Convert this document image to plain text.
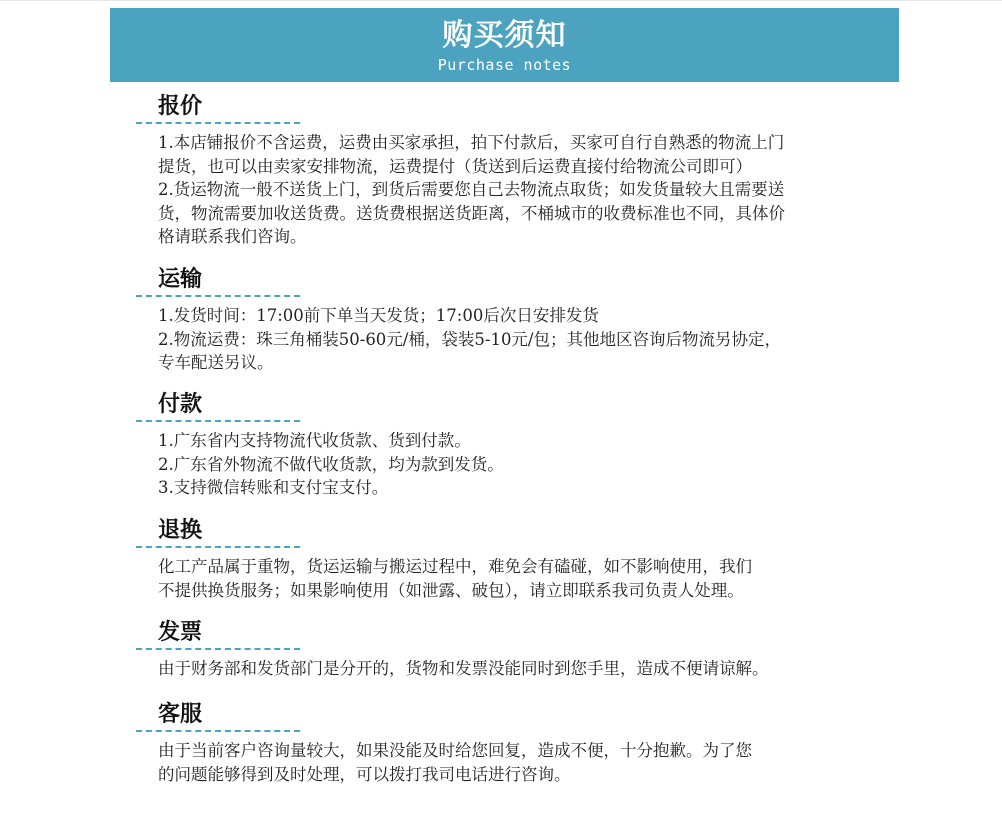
购买须知
Purchase notes
报价

1.本店铺报价不含运费，运费由买家承担，拍下付款后，买家可自行自熟悉的物流上门

提货，也可以由卖家安排物流，运费提付（货送到后运费直接付给物流公司即可）

2.货运物流一般不送货上门，到货后需要您自己去物流点取货；如发货量较大且需要送

货，物流需要加收送货费。送货费根据送货距离，不桶城市的收费标准也不同，具体价

格请联系我们咨询。

运输

1.发货时间：17:00前下单当天发货；17:00后次日安排发货

2.物流运费：珠三角桶装50-60元/桶，袋装5-10元/包；其他地区咨询后物流另协定，

专车配送另议。

付款

1.广东省内支持物流代收货款、货到付款。

2.广东省外物流不做代收货款，均为款到发货。

3.支持微信转账和支付宝支付。

退换

化工产品属于重物，货运运输与搬运过程中，难免会有磕碰，如不影响使用，我们

不提供换货服务；如果影响使用（如泄露、破包），请立即联系我司负责人处理。

发票

由于财务部和发货部门是分开的，货物和发票没能同时到您手里，造成不便请谅解。

客服

由于当前客户咨询量较大，如果没能及时给您回复，造成不便，十分抱歉。为了您

的问题能够得到及时处理，可以拨打我司电话进行咨询。
